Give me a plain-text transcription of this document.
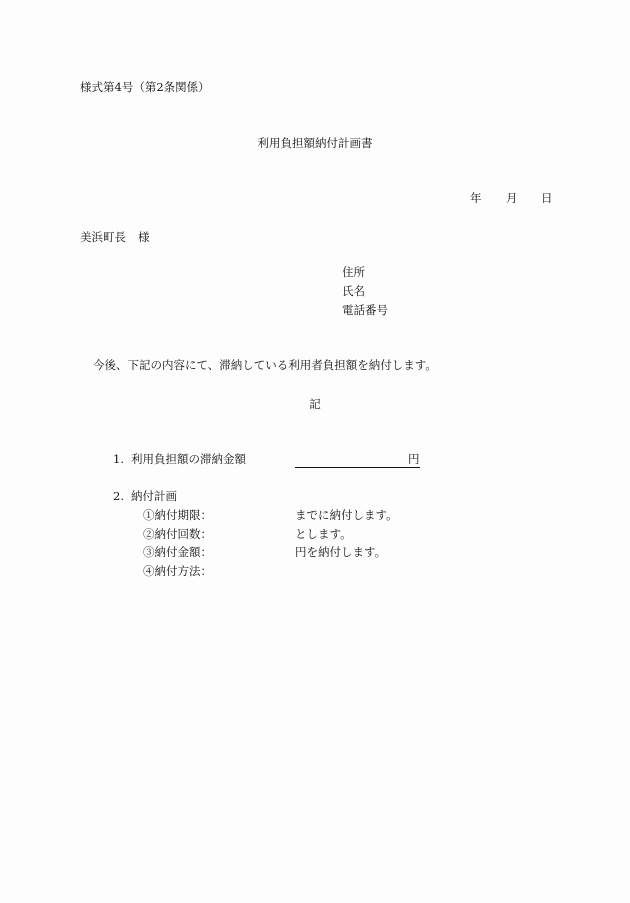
様式第4号（第2条関係）
利用負担額納付計画書
年 月 日
美浜町長 様
住所
氏名
電話番号
今後、下記の内容にて、滞納している利用者負担額を納付します。
記
1. 利用負担額の滞納金額	円
2. 納付計画
①納付期限：	までに納付します。
②納付回数：	とします。
③納付金額：	円を納付します。
④納付方法：
